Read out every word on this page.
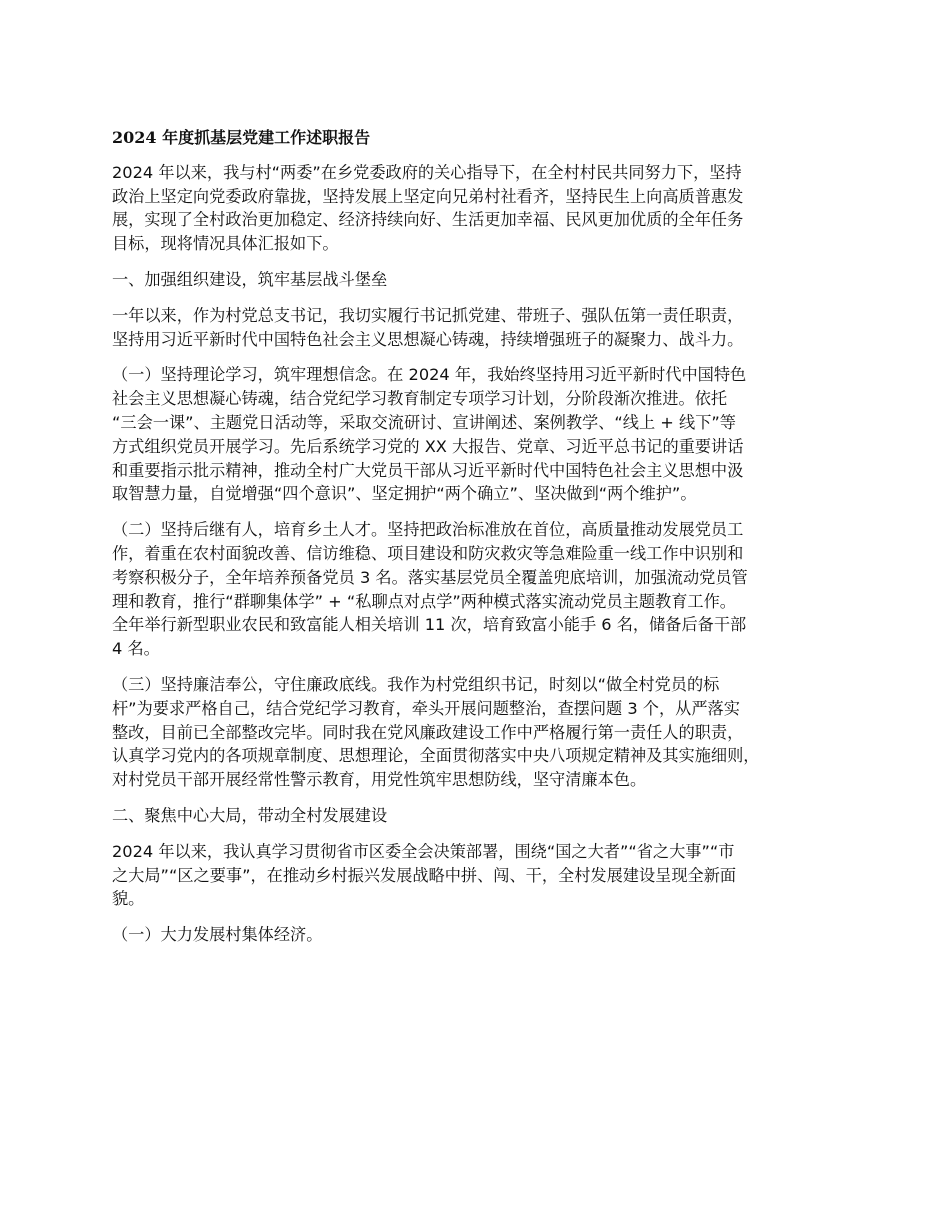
2024 年度抓基层党建工作述职报告
2024 年以来，我与村“两委”在乡党委政府的关心指导下，在全村村民共同努力下，坚持
政治上坚定向党委政府靠拢，坚持发展上坚定向兄弟村社看齐，坚持民生上向高质普惠发
展，实现了全村政治更加稳定、经济持续向好、生活更加幸福、民风更加优质的全年任务
目标，现将情况具体汇报如下。
一、加强组织建设，筑牢基层战斗堡垒
一年以来，作为村党总支书记，我切实履行书记抓党建、带班子、强队伍第一责任职责，
坚持用习近平新时代中国特色社会主义思想凝心铸魂，持续增强班子的凝聚力、战斗力。
（一）坚持理论学习，筑牢理想信念。在 2024 年，我始终坚持用习近平新时代中国特色
社会主义思想凝心铸魂，结合党纪学习教育制定专项学习计划，分阶段渐次推进。依托
“三会一课”、主题党日活动等，采取交流研讨、宣讲阐述、案例教学、“线上 + 线下”等
方式组织党员开展学习。先后系统学习党的 XX 大报告、党章、习近平总书记的重要讲话
和重要指示批示精神，推动全村广大党员干部从习近平新时代中国特色社会主义思想中汲
取智慧力量，自觉增强“四个意识”、坚定拥护“两个确立”、坚决做到“两个维护”。
（二）坚持后继有人，培育乡土人才。坚持把政治标准放在首位，高质量推动发展党员工
作，着重在农村面貌改善、信访维稳、项目建设和防灾救灾等急难险重一线工作中识别和
考察积极分子，全年培养预备党员 3 名。落实基层党员全覆盖兜底培训，加强流动党员管
理和教育，推行“群聊集体学” + “私聊点对点学”两种模式落实流动党员主题教育工作。
全年举行新型职业农民和致富能人相关培训 11 次，培育致富小能手 6 名，储备后备干部
4 名。
（三）坚持廉洁奉公，守住廉政底线。我作为村党组织书记，时刻以“做全村党员的标
杆”为要求严格自己，结合党纪学习教育，牵头开展问题整治，查摆问题 3 个，从严落实
整改，目前已全部整改完毕。同时我在党风廉政建设工作中严格履行第一责任人的职责，
认真学习党内的各项规章制度、思想理论，全面贯彻落实中央八项规定精神及其实施细则，
对村党员干部开展经常性警示教育，用党性筑牢思想防线，坚守清廉本色。
二、聚焦中心大局，带动全村发展建设
2024 年以来，我认真学习贯彻省市区委全会决策部署，围绕“国之大者”“省之大事”“市
之大局”“区之要事”，在推动乡村振兴发展战略中拼、闯、干，全村发展建设呈现全新面
貌。
（一）大力发展村集体经济。
